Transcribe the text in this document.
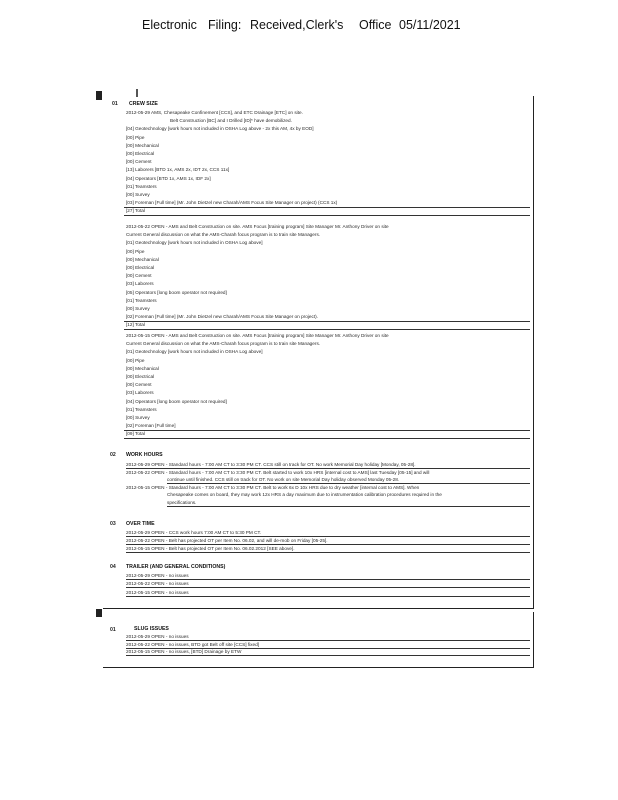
Electronic Filing: Received,Clerk's Office 05/11/2021
01 CREW SIZE
2012-05-29 AMS, Chesapeake Confinement [CCS], and ETC Drainage [ETC] on site.
Belt Construction [BC] and I Drilled [ID]* have demobilized.
[04] Geotechnology [work hours not included in OSHA Log above - 2x this AM, 4x by EOD]
[00] Pipe
[00] Mechanical
[00] Electrical
[00] Cement
[13] Laborers [BTD 1x, AMS 2x, IDT 2x, CCS 11x]
[04] Operators [BTD 1x, AMS 1x, IDF 2x]
[01] Teamsters
[00] Survey
[03] Foreman [Full time] (Mr. John Dietzel new Charah/AMS Focus Site Manager on project) (CCS 1x)
[27] Total
2012-05-22 OPEN - AMS and Belt Construction on site. AMS Focus [training program] Site Manager Mr. Anthony Driver on site
Current General discussion on what the AMS-Charah focus program is to train site Managers.
[01] Geotechnology [work hours not included in OSHA Log above]
[00] Pipe
[00] Mechanical
[00] Electrical
[00] Cement
[03] Laborers
[05] Operators [long boom operator not required]
[01] Teamsters
[00] Survey
[02] Foreman [Full time] (Mr. John Dietzel new Charah/AMS Focus Site Manager on project).
[12] Total
2012-05-15 OPEN - AMS and Belt Construction on site. AMS Focus [training program] Site Manager Mr. Anthony Driver on site
Current General discussion on what the AMS-Charah focus program is to train site Managers.
[01] Geotechnology [work hours not included in OSHA Log above]
[00] Pipe
[00] Mechanical
[00] Electrical
[00] Cement
[03] Laborers
[04] Operators [long boom operator not required]
[01] Teamsters
[00] Survey
[02] Foreman [Full time]
[09] Total
02 WORK HOURS
2012-05-29 OPEN - Standard hours - 7:00 AM CT to 3:30 PM CT. CCS still on track for OT. No work Memorial Day holiday [Monday, 05-28].
2012-05-22 OPEN - Standard hours - 7:00 AM CT to 3:30 PM CT. Belt started to work 10x HRS [internal cost to AMS] last Tuesday [05-15] and will
continue until finished. CCS still on track for OT. No work on site Memorial Day holiday observed Monday 05-28.
2012-05-15 OPEN - Standard hours - 7:00 AM CT to 3:30 PM CT. Belt to work 6x D 10x HRS due to dry weather [internal cost to AMS]. When
Chesapeake comes on board, they may work 12x HRS a day maximum due to instrumentation calibration procedures required in the
specifications.
03 OVER TIME
2012-05-29 OPEN - CCS work hours 7:00 AM CT to 5:30 PM CT.
2012-05-22 OPEN - Belt has projected OT per Item No. 06.02, and will de-mob on Friday [05-25].
2012-05-15 OPEN - Belt has projected OT per Item No. 06.02.2012 [SEE above].
04 TRAILER (AND GENERAL CONDITIONS)
2012-05-29 OPEN - no issues
2012-05-22 OPEN - no issues
2012-05-15 OPEN - no issues
01	SLUG ISSUES
2012-05-29 OPEN - no issues
2012-05-22 OPEN - no issues, BTD got Belt off site [CCS] fixed]
2012-05-15 OPEN - no issues, [BTD] Drainage by ETW
